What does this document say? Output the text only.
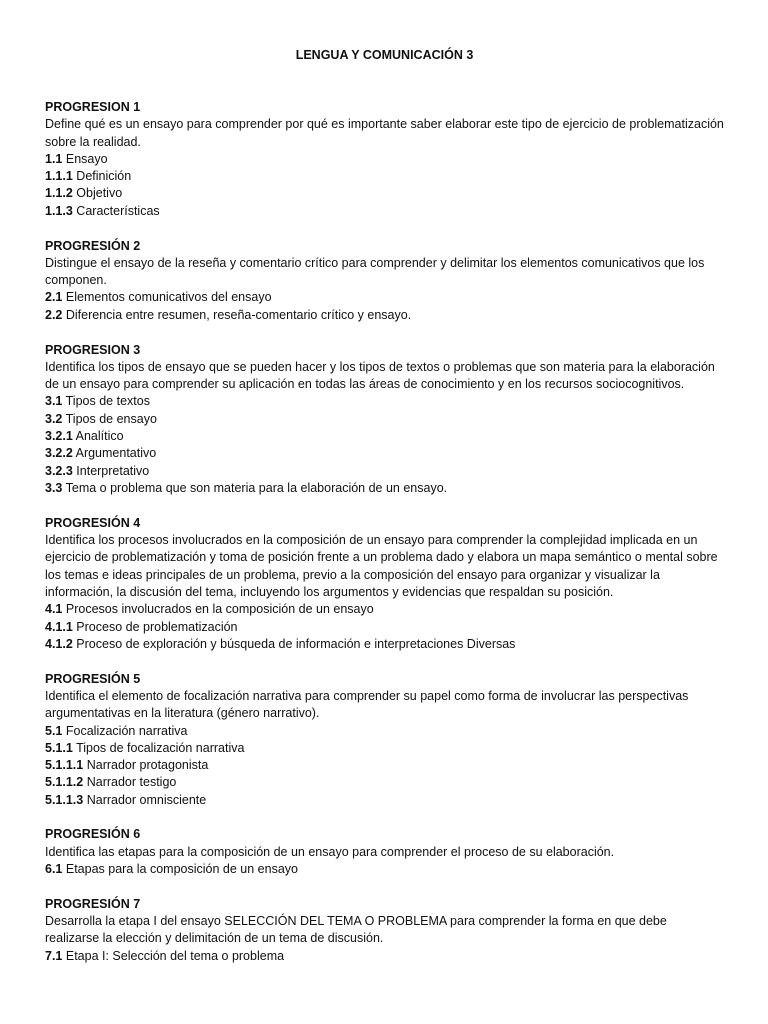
LENGUA Y COMUNICACIÓN 3
PROGRESION 1
Define qué es un ensayo para comprender por qué es importante saber elaborar este tipo de ejercicio de problematización sobre la realidad.
1.1 Ensayo
1.1.1 Definición
1.1.2 Objetivo
1.1.3 Características
PROGRESIÓN 2
Distingue el ensayo de la reseña y comentario crítico para comprender y delimitar los elementos comunicativos que los componen.
2.1 Elementos comunicativos del ensayo
2.2 Diferencia entre resumen, reseña-comentario crítico y ensayo.
PROGRESION 3
Identifica los tipos de ensayo que se pueden hacer y los tipos de textos o problemas que son materia para la elaboración de un ensayo para comprender su aplicación en todas las áreas de conocimiento y en los recursos sociocognitivos.
3.1 Tipos de textos
3.2 Tipos de ensayo
3.2.1 Analítico
3.2.2 Argumentativo
3.2.3 Interpretativo
3.3 Tema o problema que son materia para la elaboración de un ensayo.
PROGRESIÓN 4
Identifica los procesos involucrados en la composición de un ensayo para comprender la complejidad implicada en un ejercicio de problematización y toma de posición frente a un problema dado y elabora un mapa semántico o mental sobre los temas e ideas principales de un problema, previo a la composición del ensayo para organizar y visualizar la información, la discusión del tema, incluyendo los argumentos y evidencias que respaldan su posición.
4.1 Procesos involucrados en la composición de un ensayo
4.1.1 Proceso de problematización
4.1.2 Proceso de exploración y búsqueda de información e interpretaciones Diversas
PROGRESIÓN 5
Identifica el elemento de focalización narrativa para comprender su papel como forma de involucrar las perspectivas argumentativas en la literatura (género narrativo).
5.1 Focalización narrativa
5.1.1 Tipos de focalización narrativa
5.1.1.1 Narrador protagonista
5.1.1.2 Narrador testigo
5.1.1.3 Narrador omnisciente
PROGRESIÓN 6
Identifica las etapas para la composición de un ensayo para comprender el proceso de su elaboración.
6.1 Etapas para la composición de un ensayo
PROGRESIÓN 7
Desarrolla la etapa I del ensayo SELECCIÓN DEL TEMA O PROBLEMA para comprender la forma en que debe realizarse la elección y delimitación de un tema de discusión.
7.1 Etapa I: Selección del tema o problema
